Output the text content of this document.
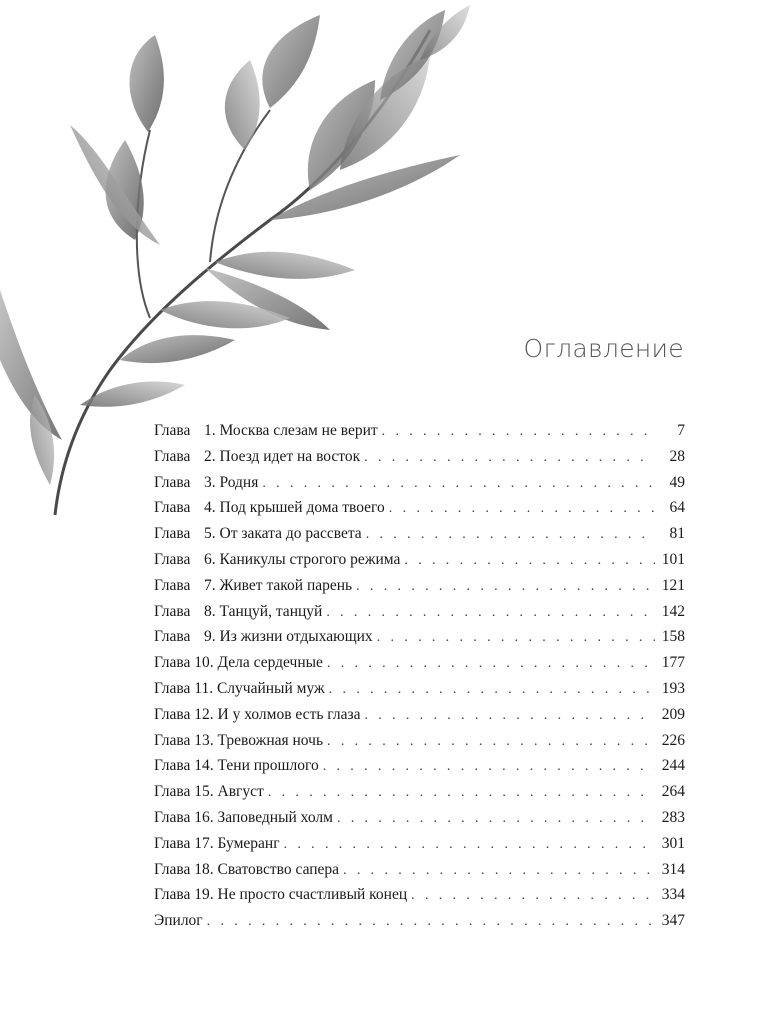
Оглавление
Глава 1. Москва слезам не верит . . .	7
Глава 2. Поезд идет на восток . . .	28
Глава 3. Родня . . .	49
Глава 4. Под крышей дома твоего . . .	64
Глава 5. От заката до рассвета . . .	81
Глава 6. Каникулы строгого режима . . .	101
Глава 7. Живет такой парень . . .	121
Глава 8. Танцуй, танцуй . . .	142
Глава 9. Из жизни отдыхающих . . .	158
Глава 10. Дела сердечные . . .	177
Глава 11. Случайный муж . . .	193
Глава 12. И у холмов есть глаза . . .	209
Глава 13. Тревожная ночь . . .	226
Глава 14. Тени прошлого . . .	244
Глава 15. Август . . .	264
Глава 16. Заповедный холм . . .	283
Глава 17. Бумеранг . . .	301
Глава 18. Сватовство сапера . . .	314
Глава 19. Не просто счастливый конец . . .	334
Эпилог . . .	347
